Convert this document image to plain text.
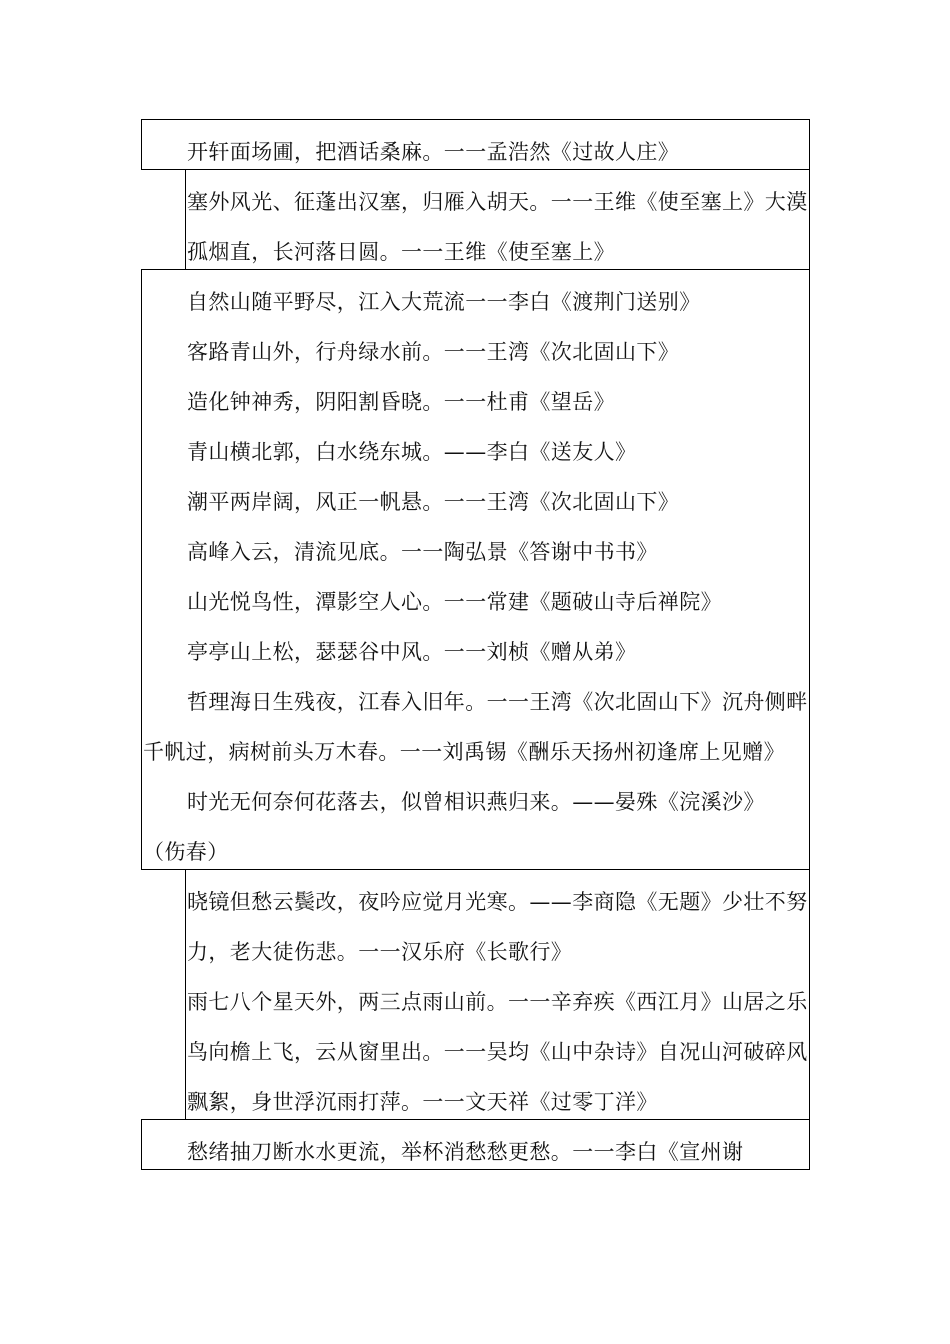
开轩面场圃，把酒话桑麻。一一孟浩然《过故人庄》
塞外风光、征蓬出汉塞，归雁入胡天。一一王维《使至塞上》大漠
孤烟直，长河落日圆。一一王维《使至塞上》
自然山随平野尽，江入大荒流一一李白《渡荆门送别》
客路青山外，行舟绿水前。一一王湾《次北固山下》
造化钟神秀，阴阳割昏晓。一一杜甫《望岳》
青山横北郭，白水绕东城。——李白《送友人》
潮平两岸阔，风正一帆悬。一一王湾《次北固山下》
高峰入云，清流见底。一一陶弘景《答谢中书书》
山光悦鸟性，潭影空人心。一一常建《题破山寺后禅院》
亭亭山上松，瑟瑟谷中风。一一刘桢《赠从弟》
哲理海日生残夜，江春入旧年。一一王湾《次北固山下》沉舟侧畔
千帆过，病树前头万木春。一一刘禹锡《酬乐天扬州初逢席上见赠》
时光无何奈何花落去，似曾相识燕归来。——晏殊《浣溪沙》
（伤春）
晓镜但愁云鬓改，夜吟应觉月光寒。——李商隐《无题》少壮不努
力，老大徒伤悲。一一汉乐府《长歌行》
雨七八个星天外，两三点雨山前。一一辛弃疾《西江月》山居之乐
鸟向檐上飞，云从窗里出。一一吴均《山中杂诗》自况山河破碎风
飘絮，身世浮沉雨打萍。一一文天祥《过零丁洋》
愁绪抽刀断水水更流，举杯消愁愁更愁。一一李白《宣州谢
